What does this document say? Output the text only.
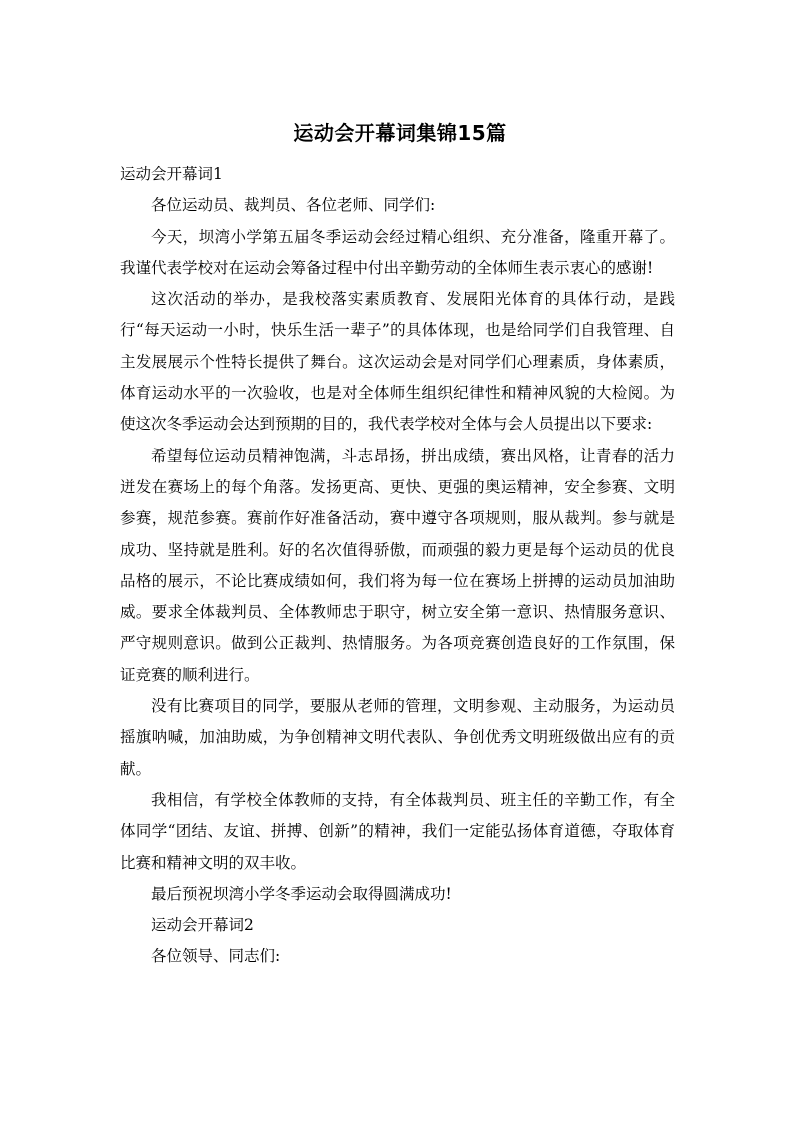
运动会开幕词集锦15篇

运动会开幕词1

各位运动员、裁判员、各位老师、同学们:

今天，坝湾小学第五届冬季运动会经过精心组织、充分准备，隆重开幕了。我谨代表学校对在运动会筹备过程中付出辛勤劳动的全体师生表示衷心的感谢!

这次活动的举办，是我校落实素质教育、发展阳光体育的具体行动，是践行“每天运动一小时，快乐生活一辈子”的具体体现，也是给同学们自我管理、自主发展展示个性特长提供了舞台。这次运动会是对同学们心理素质，身体素质，体育运动水平的一次验收，也是对全体师生组织纪律性和精神风貌的大检阅。为使这次冬季运动会达到预期的目的，我代表学校对全体与会人员提出以下要求:

希望每位运动员精神饱满，斗志昂扬，拼出成绩，赛出风格，让青春的活力迸发在赛场上的每个角落。发扬更高、更快、更强的奥运精神，安全参赛、文明参赛，规范参赛。赛前作好准备活动，赛中遵守各项规则，服从裁判。参与就是成功、坚持就是胜利。好的名次值得骄傲，而顽强的毅力更是每个运动员的优良品格的展示，不论比赛成绩如何，我们将为每一位在赛场上拼搏的运动员加油助威。要求全体裁判员、全体教师忠于职守，树立安全第一意识、热情服务意识、严守规则意识。做到公正裁判、热情服务。为各项竞赛创造良好的工作氛围，保证竞赛的顺利进行。

没有比赛项目的同学，要服从老师的管理，文明参观、主动服务，为运动员摇旗呐喊，加油助威，为争创精神文明代表队、争创优秀文明班级做出应有的贡献。

我相信，有学校全体教师的支持，有全体裁判员、班主任的辛勤工作，有全体同学“团结、友谊、拼搏、创新”的精神，我们一定能弘扬体育道德，夺取体育比赛和精神文明的双丰收。

最后预祝坝湾小学冬季运动会取得圆满成功!

运动会开幕词2

各位领导、同志们:
